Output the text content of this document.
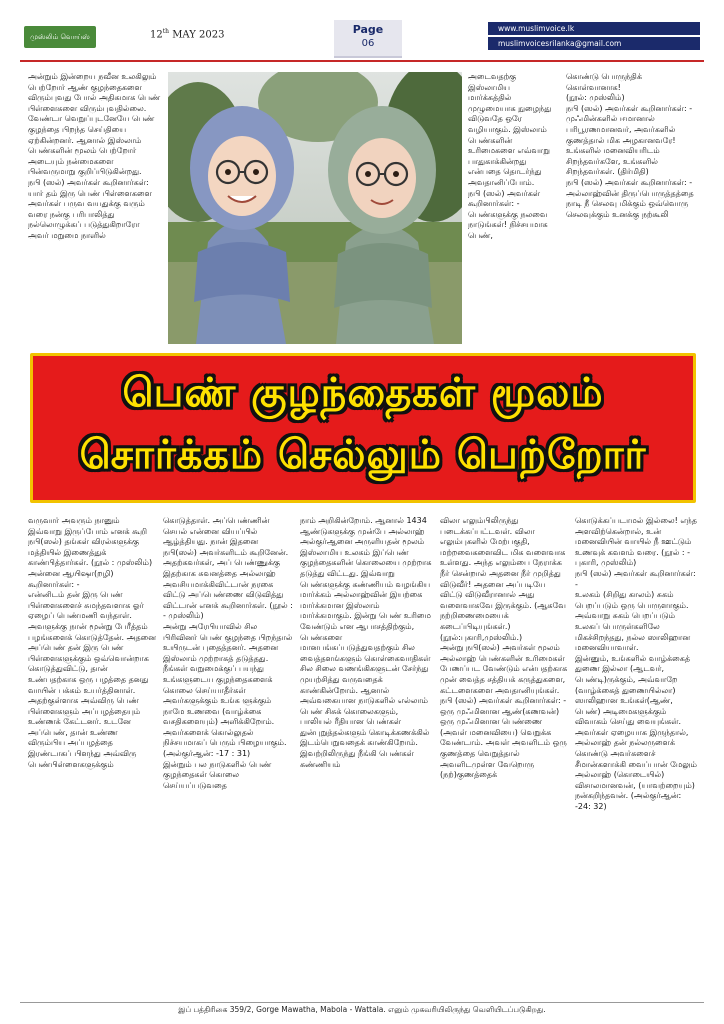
முஸ்லிம் வொய்ஸ்	12th MAY 2023	Page
06
www.muslimvoice.lk
muslimvoicesrilanka@gmail.com
அன்றும் இன்றைய நவீன உலகிலும் பெற்றோர் ஆண் குழந்தைகளை விரும்புவது போல் அதிகமாக பெண் பிள்ளைகளை விரும்புவதில்லை. வேண்டா வெறுப்புடனேயே பெண் குழந்தை பிறந்த செய்தியை ஏற்கின்றனர். ஆனால் இஸ்லாம் பெண்களின் மூலம் பெற்றோர் அடையும் நன்மைகளை பின்வருமாறு குறிப்பிடுகின்றது.
நபி (ஸல்) அவர்கள் கூறினார்கள்:
யார் தம் இரு பெண் பிள்ளைகளை அவர்கள் பருவ வயதுக்கு வரும் வரை நன்கு பரிபாலித்து நல்லொழுக்கப் படுத்துகிறாரோ அவர் மறுமை நாளில்
அடைவதற்கு இஸ்லாமிய மார்க்கத்தில் முழுமையாக நுழைந்து விடுவதே ஒரே வழியாகும். இஸ்லாம் பெண்களின் உரிமைகளை எவ்வாறு பாதுகாக்கின்றது என்பதை தொடர்ந்து அவதானிப்போம்.
நபி (ஸல்) அவர்கள் கூறினார்கள்: - பெண்களுக்கு நலவை நாடுங்கள்! நிச்சயமாக பெண்,
கொண்டு பொருந்திக் கொள்வானாக!
(நூல்: முஸ்லிம்)
நபி (ஸல்) அவர்கள் கூறினார்கள்: -
முஃமின்களில் ஈமானால் பரிபூரணமானவர், அவர்களில் குணத்தால் மிக அழகானவரே! உங்களில் மனைவியரிடம் சிறந்தவர்களே, உங்களில் சிறந்தவர்கள். (திர்மிதி)
நபி (ஸல்) அவர்கள் கூறினார்கள்: -
அல்லாஹ்வின் திருப்பொருத்தத்தை நாடி நீ செலவு மிக்கும் ஒவ்வொரு செலவுக்கும் உனக்கு நற்கூலி
பெண் குழந்தைகள் மூலம்
சொர்க்கம் செல்லும் பெற்றோர்
வருவார் அவரும் நானும் இவ்வாறு இருப்போம் எனக் கூறி நபி(ஸல்) தங்கள் விரல்களுக்கு மத்தியில் இணைத்துக் காண்பித்தார்கள். (நூல் : முஸ்லிம்)
அன்னை ஆயிஷா(றழி) கூறினார்கள்: -
என்னிடம் தன் இரு பெண் பிள்ளைகளைச் சுமந்தவளாக ஓர் ஏழைப் பெண்மணி வந்தாள். அவளுக்கு நான் மூன்று பேரீத்தம் பழங்களைக் கொடுத்தேன். அதனை அப்பெண் தன் இரு பெண் பிள்ளைகளுக்கும் ஒவ்வொன்றாக கொடுத்துவிட்டு, தான் உண்பதற்காக ஒரு பழத்தை தனது வாயின் பக்கம் உயர்த்தினாள். அதற்குள்ளாக அவ்விரு பெண் பிள்ளைகளும் அப்பழத்தையும் உண்ணக் கேட்டனர். உடனே அப்பெண், தான் உண்ண விரும்பிய அப்பழத்தை இரண்டாகப் பிளந்து அவ்விரு பெண்பிள்ளைகளுக்கும்
கொடுத்தாள். அப்பெண்ணின் செயல் என்னை வியப்பில் ஆழ்த்தியது. நான் இதனை நபி(ஸல்) அவர்களிடம் கூறினேன். அதற்கவர்கள், அப் பெண்ணுக்கு இதற்காக சுவனத்தை அல்லாஹ் அவசியமாக்கிவிட்டான் நரகை விட்டு அப்பெண்ணை விடுவித்து விட்டான் எனக் கூறினார்கள். (நூல் : - முஸ்லிம்)
அன்று அரேபியாவில் சில பிரிவினர் பெண் குழந்தை பிறந்தால் உயிருடன் புதைத்தனர். அதனை இஸ்லாம் முற்றாகத் தடுத்தது. நீங்கள் வறுமைக்குப் பயந்து உங்களுடைய குழந்தைகளைக் கொலை செய்யாதீர்கள் அவர்களுக்கும் உங்க ளுக்கும் நாமே உணவை (வாழ்க்கை வசதிகளையும்) அளிக்கிறோம். அவர்களைக் கொல்லுதல் நிச்சயமாகப் பெரும் பிழையாகும். (அல்குர்ஆன்: -17 : 31)
இன்றும் பல நாடுகளில் பெண் குழந்தைகள் கொலை செய்யப்படுவதை
நாம் அறிகின்றோம். ஆனால் 1434 ஆண்டுகளுக்கு முன்பே அல்லாஹ் அல்குர்ஆனை அருளியதன் மூலம் இஸ்லாமிய உலகம் இப்பெண் குழந்தைகளின் கொலையை முற்றாக தடுத்து விட்டது. இவ்வாறு பெண்களுக்கு கண்ணியம் வழங்கிய மார்க்கம் அல்லாஹ்வின் இயற்கை மார்க்கமான இஸ்லாம் மார்க்கமாகும். இன்று பெண் உரிமை வேண்டும் என ஆபாசத்திற்கும், பெண்களை மானபங்கப்படுத்துவதற்கும் சில வைத்தளங்களும் கொள்கைவாதிகள் சில சிலை வணங்கிகளுடன் சேர்ந்து முயற்சித்து வருவதைக் காண்கின்றோம். ஆனால் அவ்வகையான நாடுகளில் எல்லாம் பெண் சிசுக் கொலைகளும், பாலியல் ரீதியான பெண்கள் துன்புறுத்தல்களும் கொடிக்கணக்கில் இடம்பெறுவதைக் காண்கிறோம். இவற்றிலிருந்து நீங்கி பெண்கள் கண்ணியம்
விலா எலும்பிலிருந்து படைக்கப்பட்டவள். விலா எலும்புகளில் மேற்பகுதி, மற்றவைகளைவிட மிக வளைவாக உள்ளது. அந்த எலும்பை நேராக்க நீர் சென்றால் அதனை நீர் முறித்து விடுவீர்! அதனை அப்படியே விட்டு விடுவீரானால் அது வளைவாகவே இருக்கும். (ஆகவே நற்றிணைமையைக் கடைப்பிடியுங்கள்.) (நூல்:புகாரி,முஸ்லிம்.)
அன்று நபி(ஸல்) அவர்கள் மூலம் அல்லாஹ் பெண்களின் உரிமைகள் பேணப்பட வேண்டும் என்பதற்காக முன் வைத்த சத்தியக் கருத்துகளை, கட்டளைகளை அவதானியுங்கள்.
நபி (ஸல்) அவர்கள் கூறினார்கள்: -
ஒரு முஃமினான ஆண்(கணவன்) ஒரு முஃமினான பெண்ணை (அவள் மனைவியை) வெறுக்க வேண்டாம். அவள் அவளிடம் ஒரு குணத்தை வெறுத்தால் அவளிடமுள்ள வேறொரு (நற்)குணத்தைக்
கொடுக்கப்படாமல் இல்லை! எந்த அளவிற்கென்றால், உன் மனைவியின் வாயில் நீ ஊட்டும் உணவுக் கவளம் வரை. (நூல் : - புகாரி, முஸ்லிம்)
நபி (ஸல்) அவர்கள் கூறினார்கள்: -
உலகம் (சிறிது காலம்) சுகம் பெறப்படும் ஒரு பொருளாகும். அவ்வாறு சுகம் பெறப்படும் உலகப் பொருள்களிலே மிகச்சிறந்தது, நல்ல ஸாலிஹான மனைவியாவாள்.
இன்னும், உங்களில் வாழ்க்கைத் துணை இல்லா (ஆடவர், பெண்டி)ருக்கும், அவ்வாறே (வாழ்க்கைத் துணையில்லா) ஸாலிஹான உங்கள்(ஆண், பெண்) அடிமைகளுக்கும் விவாகம் செய்து வையுங்கள். அவர்கள் ஏழையாக இருந்தால், அல்லாஹ் தன் நல்லருளைக் கொண்டு அவர்களைச் சீமான்களாக்கி வைப்பான் மேலும் அல்லாஹ் (கொடையில்) விசாலமானவன், (யாவற்றையும்) நன்கறிந்தவன். (அல்குர்ஆன்: -24: 32)
இப் பத்திரிகை 359/2, Gorge Mawatha, Mabola - Wattala. எனும் முகவரியிலிருந்து வெளியிடப்படுகிறது.
